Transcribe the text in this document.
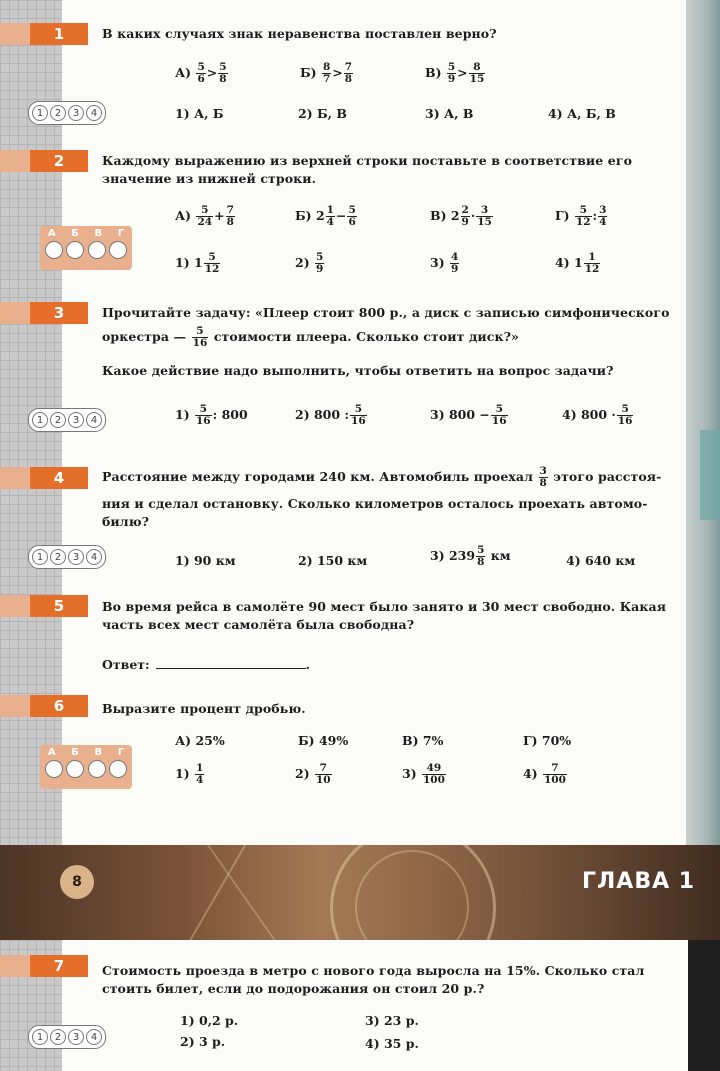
1	В каких случаях знак неравенства поставлен верно?
$А) \frac{5}{6} > \frac{5}{8}$	$Б) \frac{8}{7} > \frac{7}{8}$	$В) \frac{5}{9} > \frac{8}{15}$
1	2	3	4	1) А, Б	2) Б, В	3) А, В	4) А, Б, В
2	Каждому выражению из верхней строки поставьте в соответствие его значение из нижней строки.
$А) \frac{5}{24} + \frac{7}{8}$	Б) $2 \frac{1}{4} - \frac{5}{6}$	В) $2 \frac{2}{9} \cdot \frac{3}{15}$	$Г) \frac{5}{12}$ : $\frac{3}{4}$
А Б В Г
1) $1 \frac{5}{12}$	$2) \frac{5}{9}$	$3) \frac{4}{9}$	4) $1 \frac{1}{12}$
3	Прочитайте задачу: «Плеер стоит 800 р., а диск с записью симфонического
оркестра — $\frac{5}{16}$ стоимости плеера. Сколько стоит диск?»
Какое действие надо выполнить, чтобы ответить на вопрос задачи?
1	2	3	4	$1) \frac{5}{16}$ : 800	2) 800 : $\frac{5}{16}$	3) $800 - \frac{5}{16}$	4) $800 \cdot \frac{5}{16}$
4	Расстояние между городами 240 км. Автомобиль проехал $\frac{3}{8}$ этого расстоя-
ния и сделал остановку. Сколько километров осталось проехать автомо-
билю?
1	2	3	4	1) 90 км	2) 150 км	3) $239 \frac{5}{8}$ км	4) 640 км
5	Во время рейса в самолёте 90 мест было занято и 30 мест свободно. Какая часть всех мест самолёта была свободна?
Ответ:	.
6	Выразите процент дробью.
А) 25%	Б) 49%	В) 7%	Г) 70%
А Б В Г
$1) \frac{1}{4}$	$2) \frac{7}{10}$	$3) \frac{49}{100}$	$4) \frac{7}{100}$
8	ГЛАВА 1
7	Стоимость проезда в метро с нового года выросла на 15%. Сколько стал стоить билет, если до подорожания он стоил 20 р.?
1	2	3	4
1) 0,2 р.	3) 23 р.
2) 3 р.	4) 35 р.
